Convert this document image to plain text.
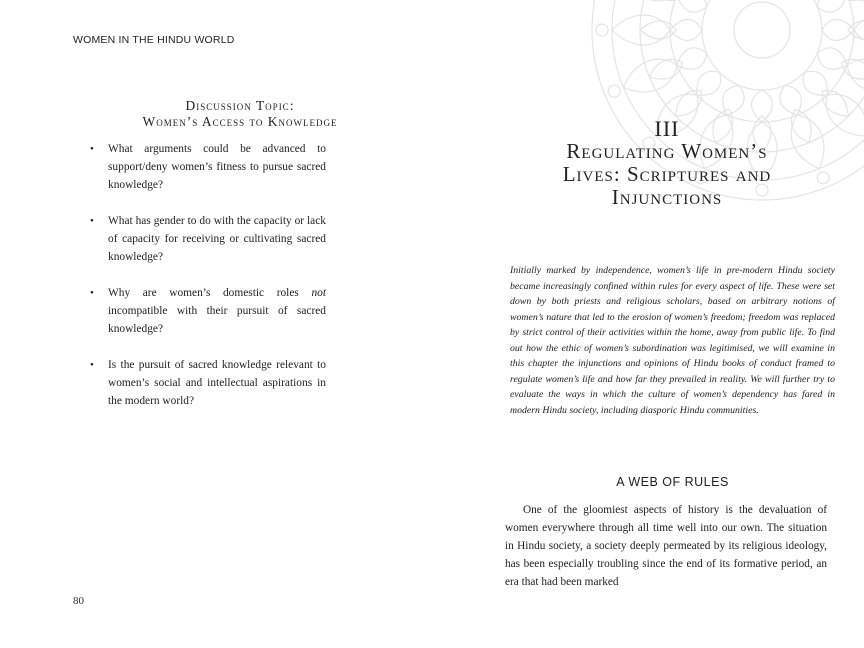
WOMEN IN THE HINDU WORLD
Discussion Topic:
Women’s Access to Knowledge
• What arguments could be advanced to support/deny women’s fitness to pursue sacred knowledge?
• What has gender to do with the capacity or lack of capacity for receiving or cultivating sacred knowledge?
• Why are women’s domestic roles not incompatible with their pursuit of sacred knowledge?
• Is the pursuit of sacred knowledge relevant to women’s social and intellectual aspirations in the modern world?
80
III
Regulating Women’s
Lives: Scriptures and
Injunctions

Initially marked by independence, women’s life in pre-modern Hindu society became increasingly confined within rules for every aspect of life. These were set down by both priests and religious scholars, based on arbitrary notions of women’s nature that led to the erosion of women’s freedom; freedom was replaced by strict control of their activities within the home, away from public life. To find out how the ethic of women’s subordination was legitimised, we will examine in this chapter the injunctions and opinions of Hindu books of conduct framed to regulate women’s life and how far they prevailed in reality. We will further try to evaluate the ways in which the culture of women’s dependency has fared in modern Hindu society, including diasporic Hindu communities.

A WEB OF RULES

One of the gloomiest aspects of history is the devaluation of women everywhere through all time well into our own. The situation in Hindu society, a society deeply permeated by its religious ideology, has been especially troubling since the end of its formative period, an era that had been marked
